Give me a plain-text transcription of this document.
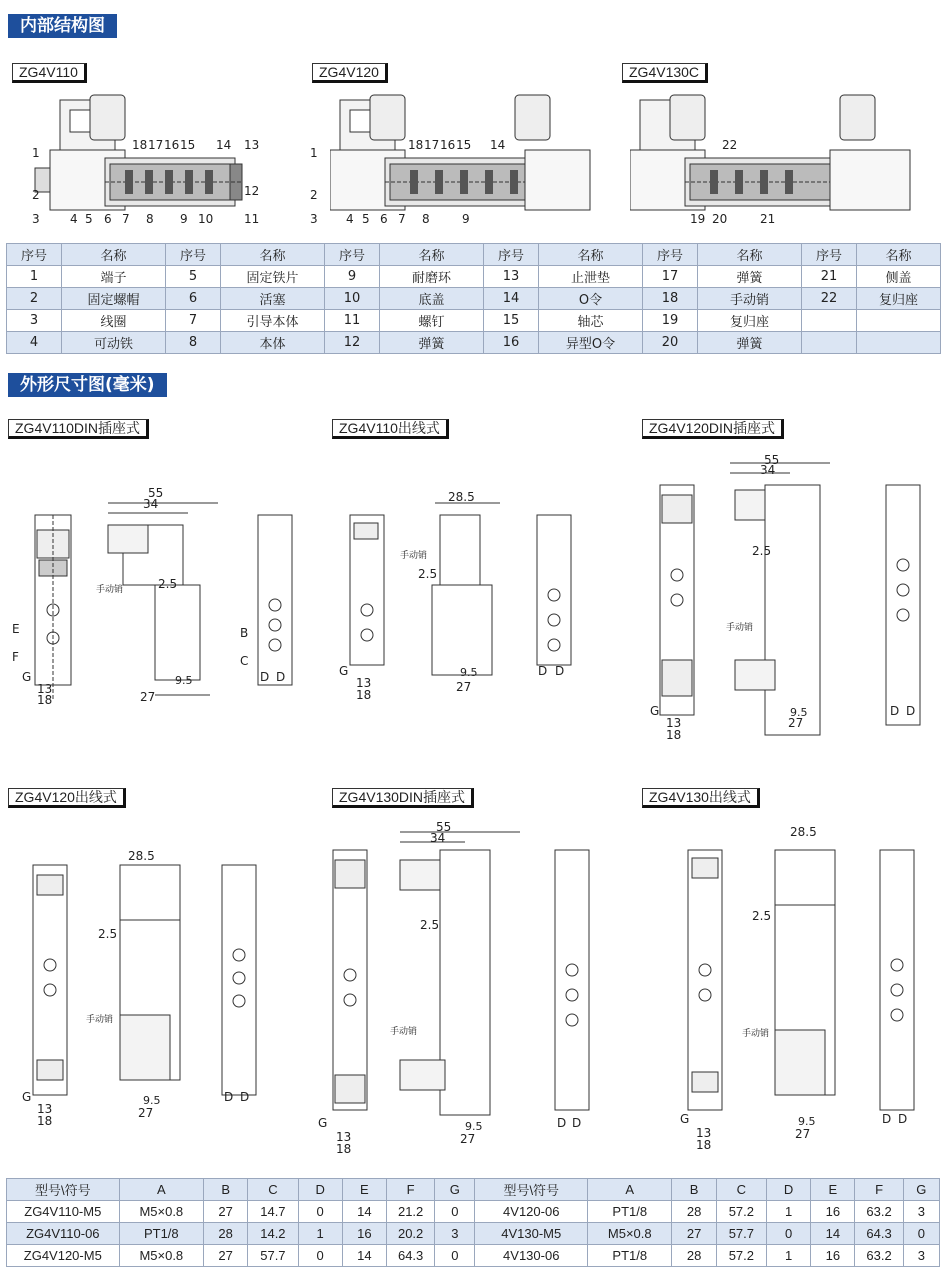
内部结构图
ZG4V110	ZG4V120	ZG4V130C
1
2
3	4 5 6 7 8 9 10	11
12
13
14
15
16
17
18
1
2
3 4 5 6 7 8	9
14
15
16
17
18
19 20	21
22
序号	名称	序号	名称	序号	名称	序号	名称	序号	名称	序号	名称
1	端子	5	固定铁片	9	耐磨环	13	止泄垫	17	弹簧	21	侧盖
2	固定螺帽	6	活塞	10	底盖	14	O令	18	手动销	22	复归座
3	线圈	7	引导本体	11	螺钉	15	轴芯	19	复归座		
4	可动铁	8	本体	12	弹簧	16	异型O令	20	弹簧		
外形尺寸图(毫米)
ZG4V110DIN插座式	ZG4V110出线式	ZG4V120DIN插座式
ZG4V120出线式	ZG4V130DIN插座式	ZG4V130出线式
55
34
手动销	2.5
27
9.5
13
18
G
E
F
B
C
D D
28.5
手动销
2.5
27
9.5
13
18
G	D D
55
34
手动销
2.5
27
9.5
13
18
G	D D
28.5
手动销
2.5
27
9.5
13
18
G	D D
55
34
手动销
2.5
27
9.5
13
18
G	D D
28.5
手动销
2.5
27
9.5
13
18
G	D D
型号\符号	A	B	C	D	E	F	G	型号\符号	A	B	C	D	E	F	G
ZG4V110-M5	M5×0.8	27	14.7	0	14	21.2	0	4V120-06	PT1/8	28	57.2	1	16	63.2	3
ZG4V110-06	PT1/8	28	14.2	1	16	20.2	3	4V130-M5	M5×0.8	27	57.7	0	14	64.3	0
ZG4V120-M5	M5×0.8	27	57.7	0	14	64.3	0	4V130-06	PT1/8	28	57.2	1	16	63.2	3
